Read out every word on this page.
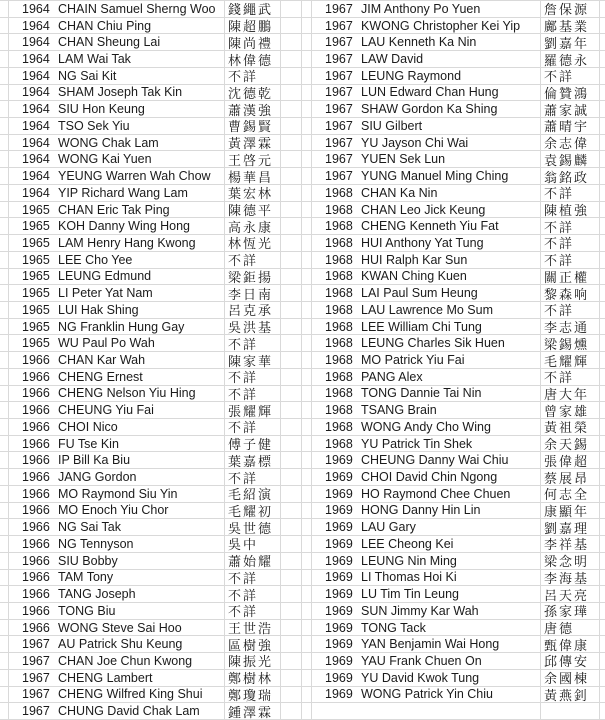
1964 CHAIN Samuel Sherng Woo 錢繩武
1964 CHAN Chiu Ping	陳超鵬
1964 CHAN Sheung Lai	陳尚禮
1964 LAM Wai Tak	林偉德
1964 NG Sai Kit	不詳
1964 SHAM Joseph Tak Kin	沈德乾
1964 SIU Hon Keung	蕭漢強
1964 TSO Sek Yiu	曹錫賢
1964 WONG Chak Lam	黃澤霖
1964 WONG Kai Yuen	王啓元
1964 YEUNG Warren Wah Chow 楊華昌
1964 YIP Richard Wang Lam	葉宏林
1965 CHAN Eric Tak Ping	陳德平
1965 KOH Danny Wing Hong	高永康
1965 LAM Henry Hang Kwong 林恆光
1965 LEE Cho Yee	不詳
1965 LEUNG Edmund	梁鉅揚
1965 LI Peter Yat Nam	李日南
1965 LUI Hak Shing	呂克承
1965 NG Franklin Hung Gay	吳洪基
1965 WU Paul Po Wah	不詳
1966 CHAN Kar Wah	陳家華
1966 CHENG Ernest	不詳
1966 CHENG Nelson Yiu Hing 不詳
1966 CHEUNG Yiu Fai	張耀輝
1966 CHOI Nico	不詳
1966 FU Tse Kin	傅子健
1966 IP Bill Ka Biu	葉嘉標
1966 JANG Gordon	不詳
1966 MO Raymond Siu Yin	毛紹演
1966 MO Enoch Yiu Chor	毛耀初
1966 NG Sai Tak	吳世德
1966 NG Tennyson	吳中
1966 SIU Bobby	蕭始耀
1966 TAM Tony	不詳
1966 TANG Joseph	不詳
1966 TONG Biu	不詳
1966 WONG Steve Sai Hoo	王世浩
1967 AU Patrick Shu Keung	區樹強
1967 CHAN Joe Chun Kwong	陳振光
1967 CHENG Lambert	鄭樹林
1967 CHENG Wilfred King Shui 鄭瓊瑞
1967 CHUNG David Chak Lam 鍾澤霖
1967 JIM Anthony Po Yuen	詹保源
1967 KWONG Christopher Kei Yip 鄺基業
1967 LAU Kenneth Ka Nin	劉嘉年
1967 LAW David	羅德永
1967 LEUNG Raymond	不詳
1967 LUN Edward Chan Hung	倫贊鴻
1967 SHAW Gordon Ka Shing	蕭家誠
1967 SIU Gilbert	蕭晴宇
1967 YU Jayson Chi Wai	余志偉
1967 YUEN Sek Lun	袁錫麟
1967 YUNG Manuel Ming Ching	翁銘政
1968 CHAN Ka Nin	不詳
1968 CHAN Leo Jick Keung	陳植強
1968 CHENG Kenneth Yiu Fat	不詳
1968 HUI Anthony Yat Tung	不詳
1968 HUI Ralph Kar Sun	不詳
1968 KWAN Ching Kuen	關正權
1968 LAI Paul Sum Heung	黎森响
1968 LAU Lawrence Mo Sum	不詳
1968 LEE William Chi Tung	李志通
1968 LEUNG Charles Sik Huen	梁錫燻
1968 MO Patrick Yiu Fai	毛耀輝
1968 PANG Alex	不詳
1968 TONG Dannie Tai Nin	唐大年
1968 TSANG Brain	曾家雄
1968 WONG Andy Cho Wing	黃祖榮
1968 YU Patrick Tin Shek	余天錫
1969 CHEUNG Danny Wai Chiu	張偉超
1969 CHOI David Chin Ngong	蔡展昂
1969 HO Raymond Chee Chuen	何志全
1969 HONG Danny Hin Lin	康顯年
1969 LAU Gary	劉嘉理
1969 LEE Cheong Kei	李祥基
1969 LEUNG Nin Ming	梁念明
1969 LI Thomas Hoi Ki	李海基
1969 LU Tim Tin Leung	呂天亮
1969 SUN Jimmy Kar Wah	孫家璍
1969 TONG Tack	唐德
1969 YAN Benjamin Wai Hong	甄偉康
1969 YAU Frank Chuen On	邱傳安
1969 YU David Kwok Tung	余國棟
1969 WONG Patrick Yin Chiu	黃燕釗
